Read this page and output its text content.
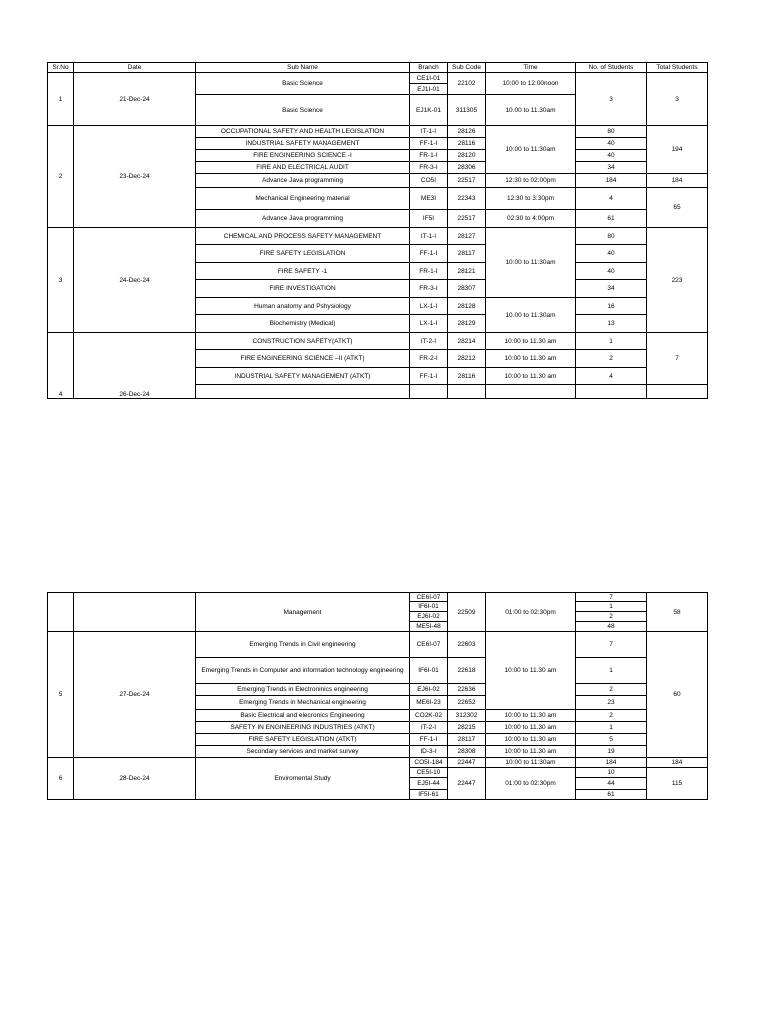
Sr.No	Date	Sub Name	Branch	Sub Code	Time	No. of Students	Total Students
1	21-Dec-24	Basic Science	CE1I-01	22102	10:00 to 12:00noon	3	3
			EJ1I-01				
		Basic Science	EJ1K-01	311305	10.00 to 11.30am		
2	23-Dec-24	OCCUPATIONAL SAFETY AND HEALTH LEGISLATION	IT-1-I	28126	10:00 to 11:30am	80	194
		INDUSTRIAL SAFETY MANAGEMENT	FF-1-I	28116		40	
		FIRE ENGINEERING SCIENCE -I	FR-1-I	28120		40	
		FIRE AND ELECTRICAL AUDIT	FR-3-I	28306		34	
		Advance Java programming	CO5I	22517	12:30 to 02:00pm	184	184
		Mechanical Engineering material	ME3I	22343	12:30 to 3:30pm	4	65
		Advance Java programming	IF5I	22517	02:30 to 4:00pm	61	
3	24-Dec-24	CHEMICAL AND PROCESS SAFETY MANAGEMENT	IT-1-I	28127	10:00 to 11:30am	80	223
		FIRE SAFETY LEGISLATION	FF-1-I	28117		40	
		FIRE SAFETY -1	FR-1-I	28121		40	
		FIRE INVESTIGATION	FR-3-I	28307		34	
		Human anatomy and Pshysiology	LX-1-I	28128	10.00 to 11.30am	16	
		Biochemistry (Medical)	LX-1-I	28129		13	
4	26-Dec-24	CONSTRUCTION SAFETY(ATKT)	IT-2-I	28214	10:00 to 11.30 am	1	7
		FIRE ENGINEERING SCIENCE –II (ATKT)	FR-2-I	28212	10:00 to 11.30 am	2	
		INDUSTRIAL SAFETY MANAGEMENT (ATKT)	FF-1-I	28116	10:00 to 11.30 am	4	

		Management	CE6I-07	22509	01:00 to 02:30pm	7	58
			IF6I-01			1	
			EJ6I-02			2	
			ME5I-48			48	
5	27-Dec-24	Emerging Trends in Civil engineering	CE6I-07	22603	10:00 to 11.30 am	7	60
		Emerging Trends in Computer and information technology engineering	IF6I-01	22618		1	
		Emerging Trends in Electroninics engineering	EJ6I-02	22636		2	
		Emerging Trends in Mechanical engineering	ME6I-23	22652		23	
		Basic Electrical and elecronics Engineering	CO2K-02	312302	10:00 to 11.30 am	2	
		SAFETY IN ENGINEERING INDUSTRIES (ATKT)	IT-2-I	28215	10:00 to 11.30 am	1	
		FIRE SAFETY LEGISLATION (ATKT)	FF-1-I	28117	10:00 to 11.30 am	5	
		Secondary services and market survey	ID-3-I	28308	10:00 to 11.30 am	19	
6	28-Dec-24	Enviromental Study	CO5I-184	22447	10:00 to 11:30am	184	184
			CE5I-10	22447	01:00 to 02:30pm	10	115
			EJ5I-44			44	
			IF5I-61			61	
